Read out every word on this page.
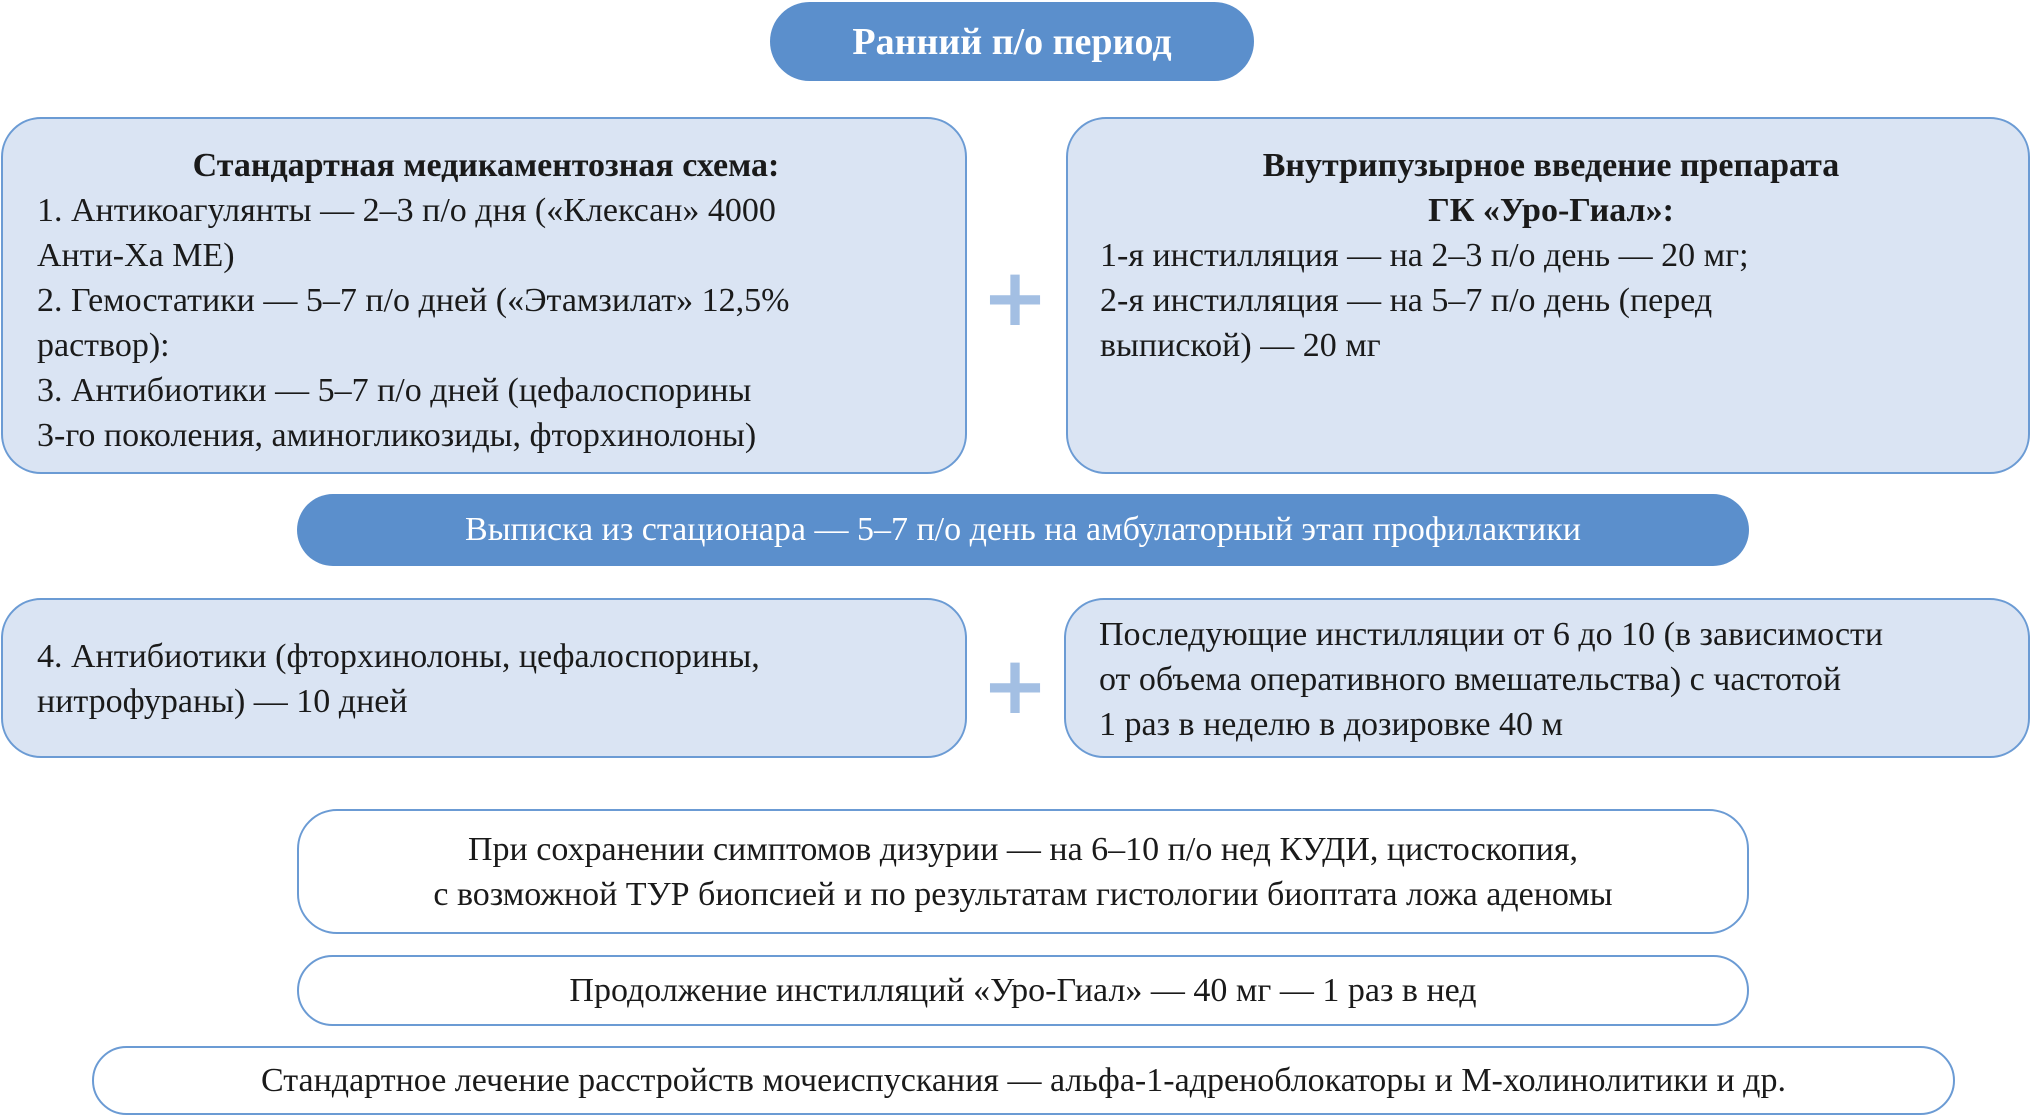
Ранний п/о период
Стандартная медикаментозная схема:
1. Антикоагулянты — 2–3 п/о дня («Клексан» 4000
Анти-Ха МЕ)
2. Гемостатики — 5–7 п/о дней («Этамзилат» 12,5%
раствор):
3. Антибиотики — 5–7 п/о дней (цефалоспорины
3-го поколения, аминогликозиды, фторхинолоны)
+
Внутрипузырное введение препарата
ГК «Уро-Гиал»:
1-я инстилляция — на 2–3 п/о день — 20 мг;
2-я инстилляция — на 5–7 п/о день (перед
выпиской) — 20 мг
Выписка из стационара — 5–7 п/о день на амбулаторный этап профилактики
4. Антибиотики (фторхинолоны, цефалоспорины,
нитрофураны) — 10 дней	+
Последующие инстилляции от 6 до 10 (в зависимости
от объема оперативного вмешательства) с частотой
1 раз в неделю в дозировке 40 м
При сохранении симптомов дизурии — на 6–10 п/о нед КУДИ, цистоскопия,
с возможной ТУР биопсией и по результатам гистологии биоптата ложа аденомы
Продолжение инстилляций «Уро-Гиал» — 40 мг — 1 раз в нед
Стандартное лечение расстройств мочеиспускания — альфа-1-адреноблокаторы и М-холинолитики и др.
